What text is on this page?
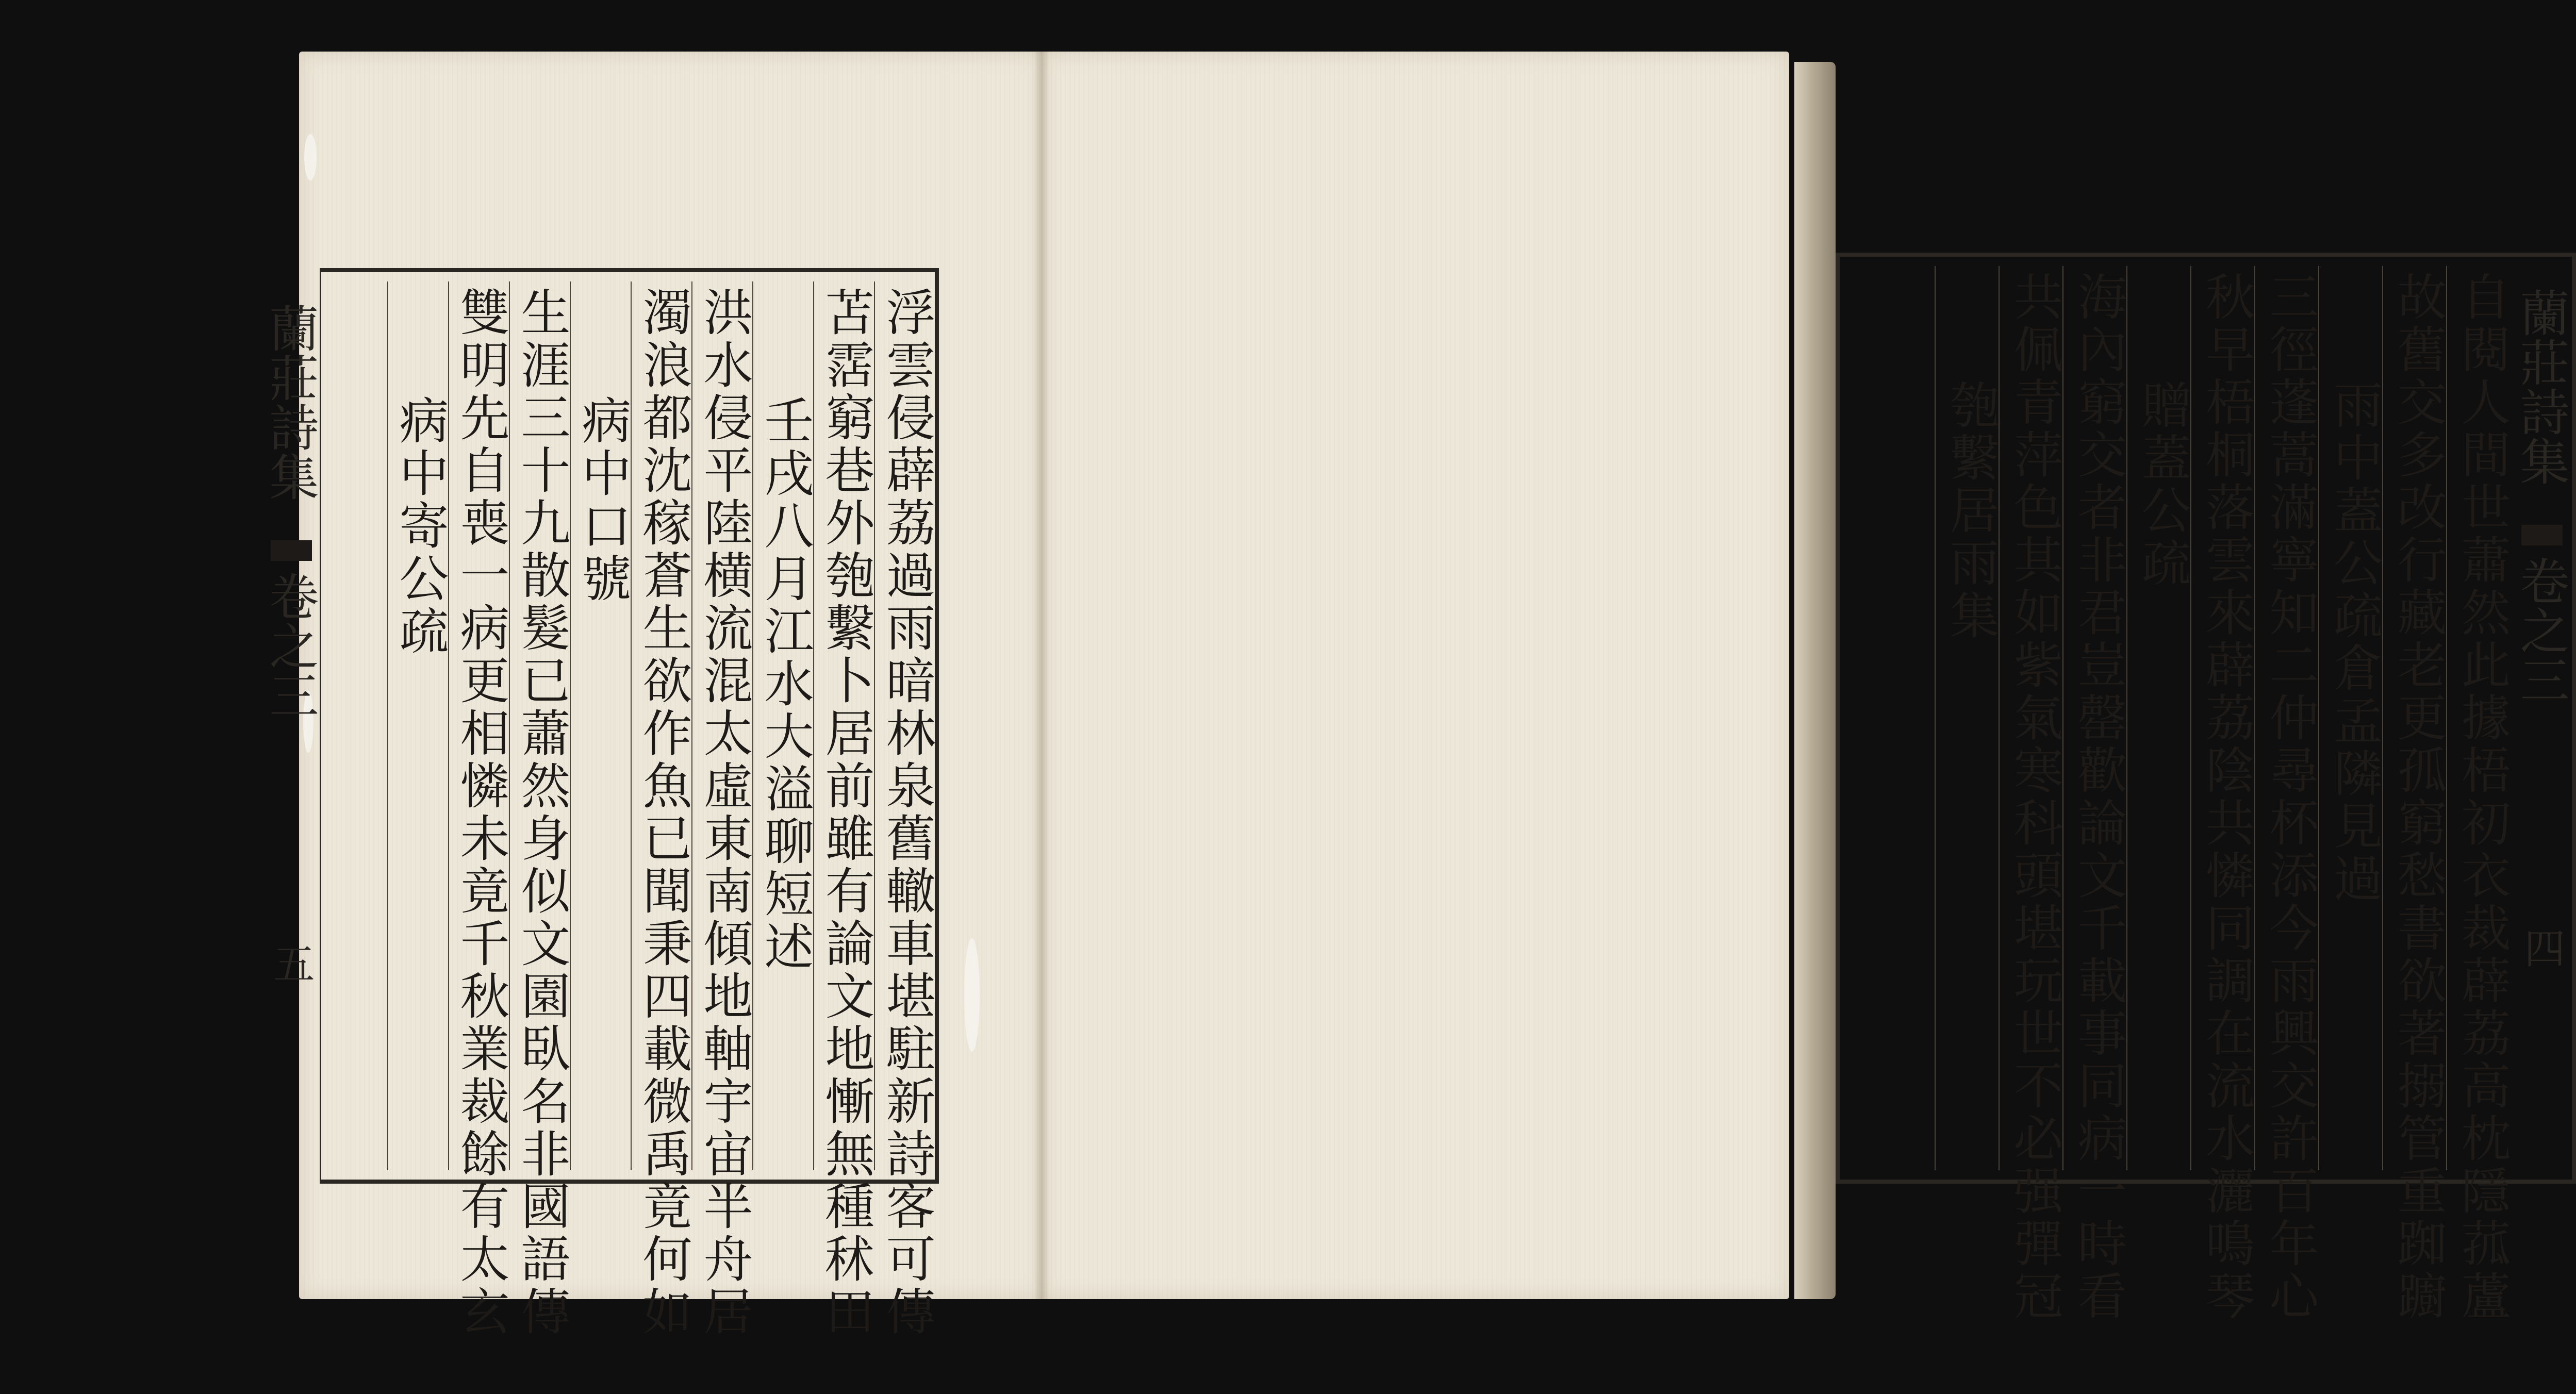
浮雲侵薜荔過雨暗林泉舊轍車堪駐新詩客可傳
苫霑窮巷外匏繫卜居前雖有論文地慚無種秫田
壬戌八月江水大溢聊短述
洪水侵平陸横流混太虛東南傾地軸宇宙半舟居
濁浪都沈稼蒼生欲作魚已聞秉四載微禹竟何如
病中口號
生涯三十九散髮已蕭然身似文園臥名非國語傳
雙明先自喪一病更相憐未竟千秋業裁餘有太玄
病中寄公疏
蘭莊詩集
卷之三
五	自閱人間世蕭然此據梧初衣裁薜荔高枕隱菰蘆
故舊交多改行藏老更孤窮愁書欲著搦管重踟躕
雨中蓋公疏倉孟隣見過
三徑蓬蒿滿寧知二仲尋杯添今雨興交許百年心
秋早梧桐落雲來薜荔陰共憐同調在流水灑鳴琴
贈蓋公疏
海內窮交者非君豈罄歡論文千載事同病一時看
共佩青萍色其如紫氣寒科頭堪玩世不必强彈冠
匏繫居雨集	蘭莊詩集
卷之三
四
